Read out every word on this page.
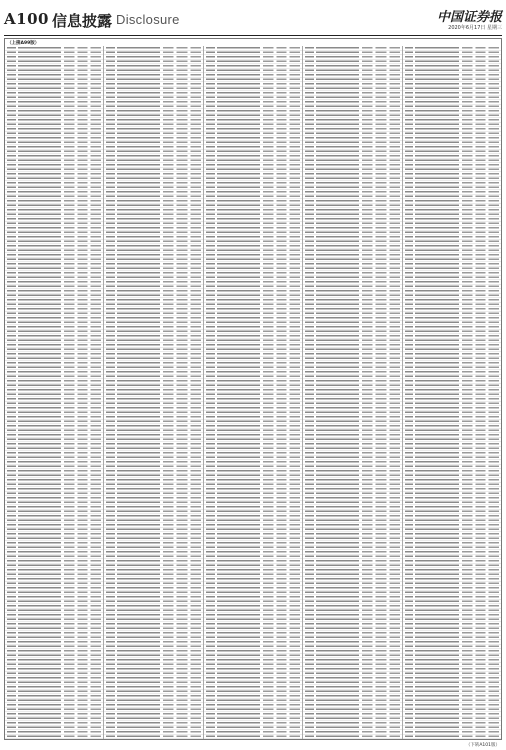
A100 信息披露 Disclosure	中国证券报
2020年6月17日 星期三
（上接A99版）
（下转A101版）
